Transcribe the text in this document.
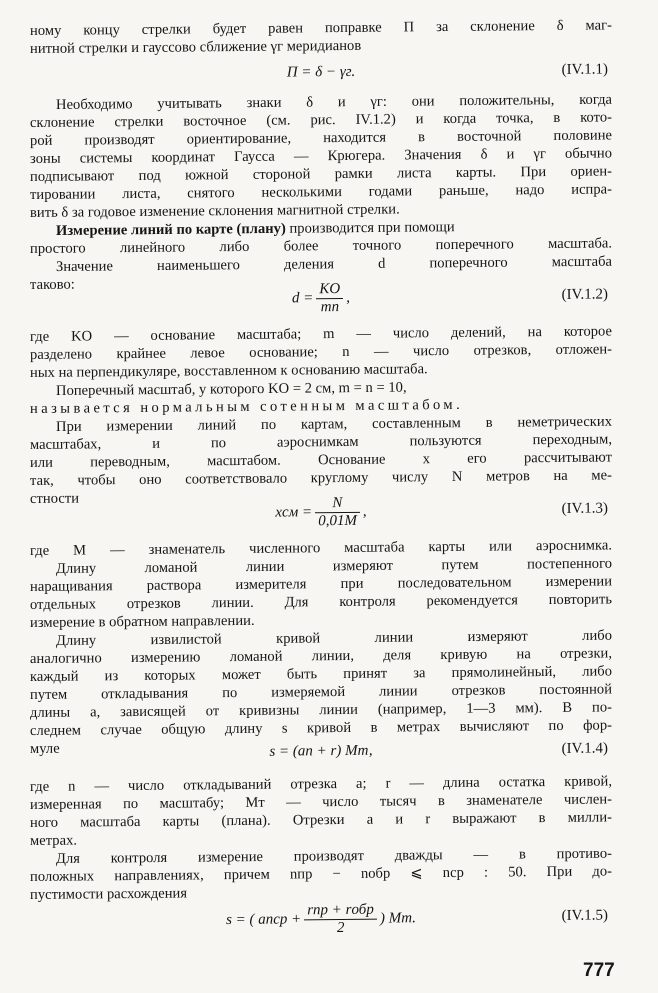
ному концу стрелки будет равен поправке П за склонение δ маг-
нитной стрелки и гауссово сближение γг меридианов
П = δ − γг.	(IV.1.1)
Необходимо учитывать знаки δ и γг: они положительны, когда
склонение стрелки восточное (см. рис. IV.1.2) и когда точка, в кото-
рой производят ориентирование, находится в восточной половине
зоны системы координат Гаусса — Крюгера. Значения δ и γг обычно
подписывают под южной стороной рамки листа карты. При ориен-
тировании листа, снятого несколькими годами раньше, надо испра-
вить δ за годовое изменение склонения магнитной стрелки.
Измерение линий по карте (плану) производится при помощи
простого линейного либо более точного поперечного масштаба.
Значение наименьшего деления d поперечного масштаба
таково:
$d = \frac{KO}{mn}$ ,	(IV.1.2)
где KO — основание масштаба; m — число делений, на которое
разделено крайнее левое основание; n — число отрезков, отложен-
ных на перпендикуляре, восставленном к основанию масштаба.
Поперечный масштаб, у которого KO = 2 см, m = n = 10,
называется нормальным сотенным масштабом.
При измерении линий по картам, составленным в неметрических
масштабах, и по аэроснимкам пользуются переходным,
или переводным, масштабом. Основание x его рассчитывают
так, чтобы оно соответствовало круглому числу N метров на ме-
стности
xсм = $\frac{N}{0,01M}$ ,	(IV.1.3)
где M — знаменатель численного масштаба карты или аэроснимка.
Длину ломаной линии измеряют путем постепенного
наращивания раствора измерителя при последовательном измерении
отдельных отрезков линии. Для контроля рекомендуется повторить
измерение в обратном направлении.
Длину извилистой кривой линии измеряют либо
аналогично измерению ломаной линии, деля кривую на отрезки,
каждый из которых может быть принят за прямолинейный, либо
путем откладывания по измеряемой линии отрезков постоянной
длины a, зависящей от кривизны линии (например, 1—3 мм). В по-
следнем случае общую длину s кривой в метрах вычисляют по фор-
муле	s = (an + r) Mт,	(IV.1.4)
где n — число откладываний отрезка a; r — длина остатка кривой,
измеренная по масштабу; Mт — число тысяч в знаменателе числен-
ного масштаба карты (плана). Отрезки a и r выражают в милли-
метрах.
Для контроля измерение производят дважды — в противо-
положных направлениях, причем nпр − nобр ⩽ nср : 50. При до-
пустимости расхождения
s = ( anср + $\frac{\text{rпр + rобр}}{2}$ ) Mт.	(IV.1.5)
777
